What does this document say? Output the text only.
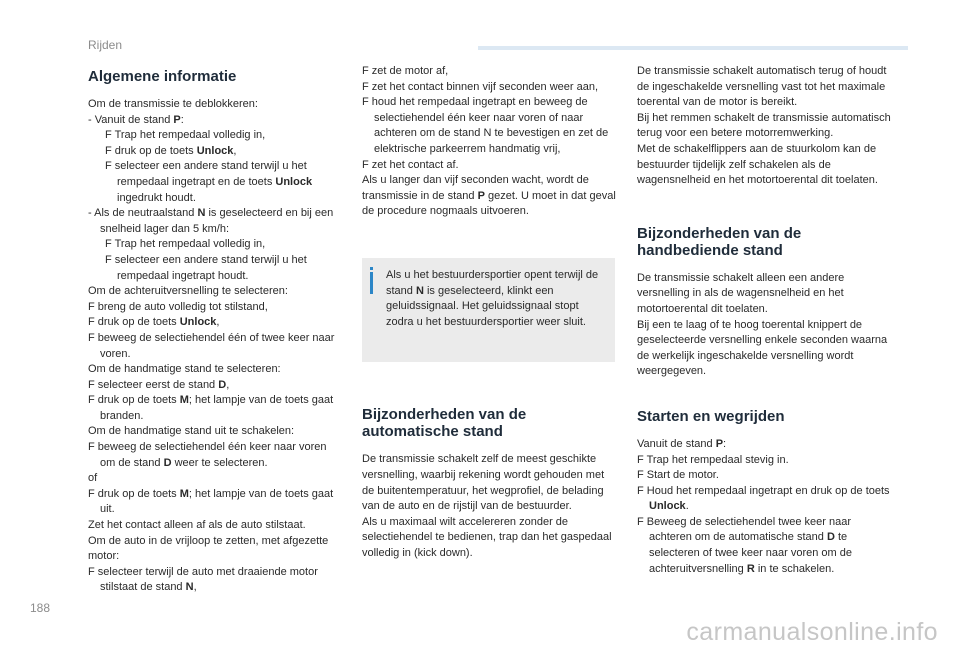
Rijden
Algemene informatie
Om de transmissie te deblokkeren:
- Vanuit de stand P:
F Trap het rempedaal volledig in,
F druk op de toets Unlock,
F selecteer een andere stand terwijl u het rempedaal ingetrapt en de toets Unlock ingedrukt houdt.
- Als de neutraalstand N is geselecteerd en bij een snelheid lager dan 5 km/h:
F Trap het rempedaal volledig in,
F selecteer een andere stand terwijl u het rempedaal ingetrapt houdt.
Om de achteruitversnelling te selecteren:
F breng de auto volledig tot stilstand,
F druk op de toets Unlock,
F beweeg de selectiehendel één of twee keer naar voren.
Om de handmatige stand te selecteren:
F selecteer eerst de stand D,
F druk op de toets M; het lampje van de toets gaat branden.
Om de handmatige stand uit te schakelen:
F beweeg de selectiehendel één keer naar voren om de stand D weer te selecteren.
of
F druk op de toets M; het lampje van de toets gaat uit.
Zet het contact alleen af als de auto stilstaat.
Om de auto in de vrijloop te zetten, met afgezette motor:
F selecteer terwijl de auto met draaiende motor stilstaat de stand N,
F zet de motor af,
F zet het contact binnen vijf seconden weer aan,
F houd het rempedaal ingetrapt en beweeg de selectiehendel één keer naar voren of naar achteren om de stand N te bevestigen en zet de elektrische parkeerrem handmatig vrij,
F zet het contact af.
Als u langer dan vijf seconden wacht, wordt de transmissie in de stand P gezet. U moet in dat geval de procedure nogmaals uitvoeren.
Als u het bestuurdersportier opent terwijl de stand N is geselecteerd, klinkt een geluidssignaal. Het geluidssignaal stopt zodra u het bestuurdersportier weer sluit.
Bijzonderheden van de
automatische stand
De transmissie schakelt zelf de meest geschikte versnelling, waarbij rekening wordt gehouden met de buitentemperatuur, het wegprofiel, de belading van de auto en de rijstijl van de bestuurder.
Als u maximaal wilt accelereren zonder de selectiehendel te bedienen, trap dan het gaspedaal volledig in (kick down).
De transmissie schakelt automatisch terug of houdt de ingeschakelde versnelling vast tot het maximale toerental van de motor is bereikt.
Bij het remmen schakelt de transmissie automatisch terug voor een betere motorremwerking.
Met de schakelflippers aan de stuurkolom kan de bestuurder tijdelijk zelf schakelen als de wagensnelheid en het motortoerental dit toelaten.
Bijzonderheden van de
handbediende stand
De transmissie schakelt alleen een andere versnelling in als de wagensnelheid en het motortoerental dit toelaten.
Bij een te laag of te hoog toerental knippert de geselecteerde versnelling enkele seconden waarna de werkelijk ingeschakelde versnelling wordt weergegeven.
Starten en wegrijden
Vanuit de stand P:
F Trap het rempedaal stevig in.
F Start de motor.
F Houd het rempedaal ingetrapt en druk op de toets Unlock.
F Beweeg de selectiehendel twee keer naar achteren om de automatische stand D te selecteren of twee keer naar voren om de achteruitversnelling R in te schakelen.
188
carmanualsonline.info
